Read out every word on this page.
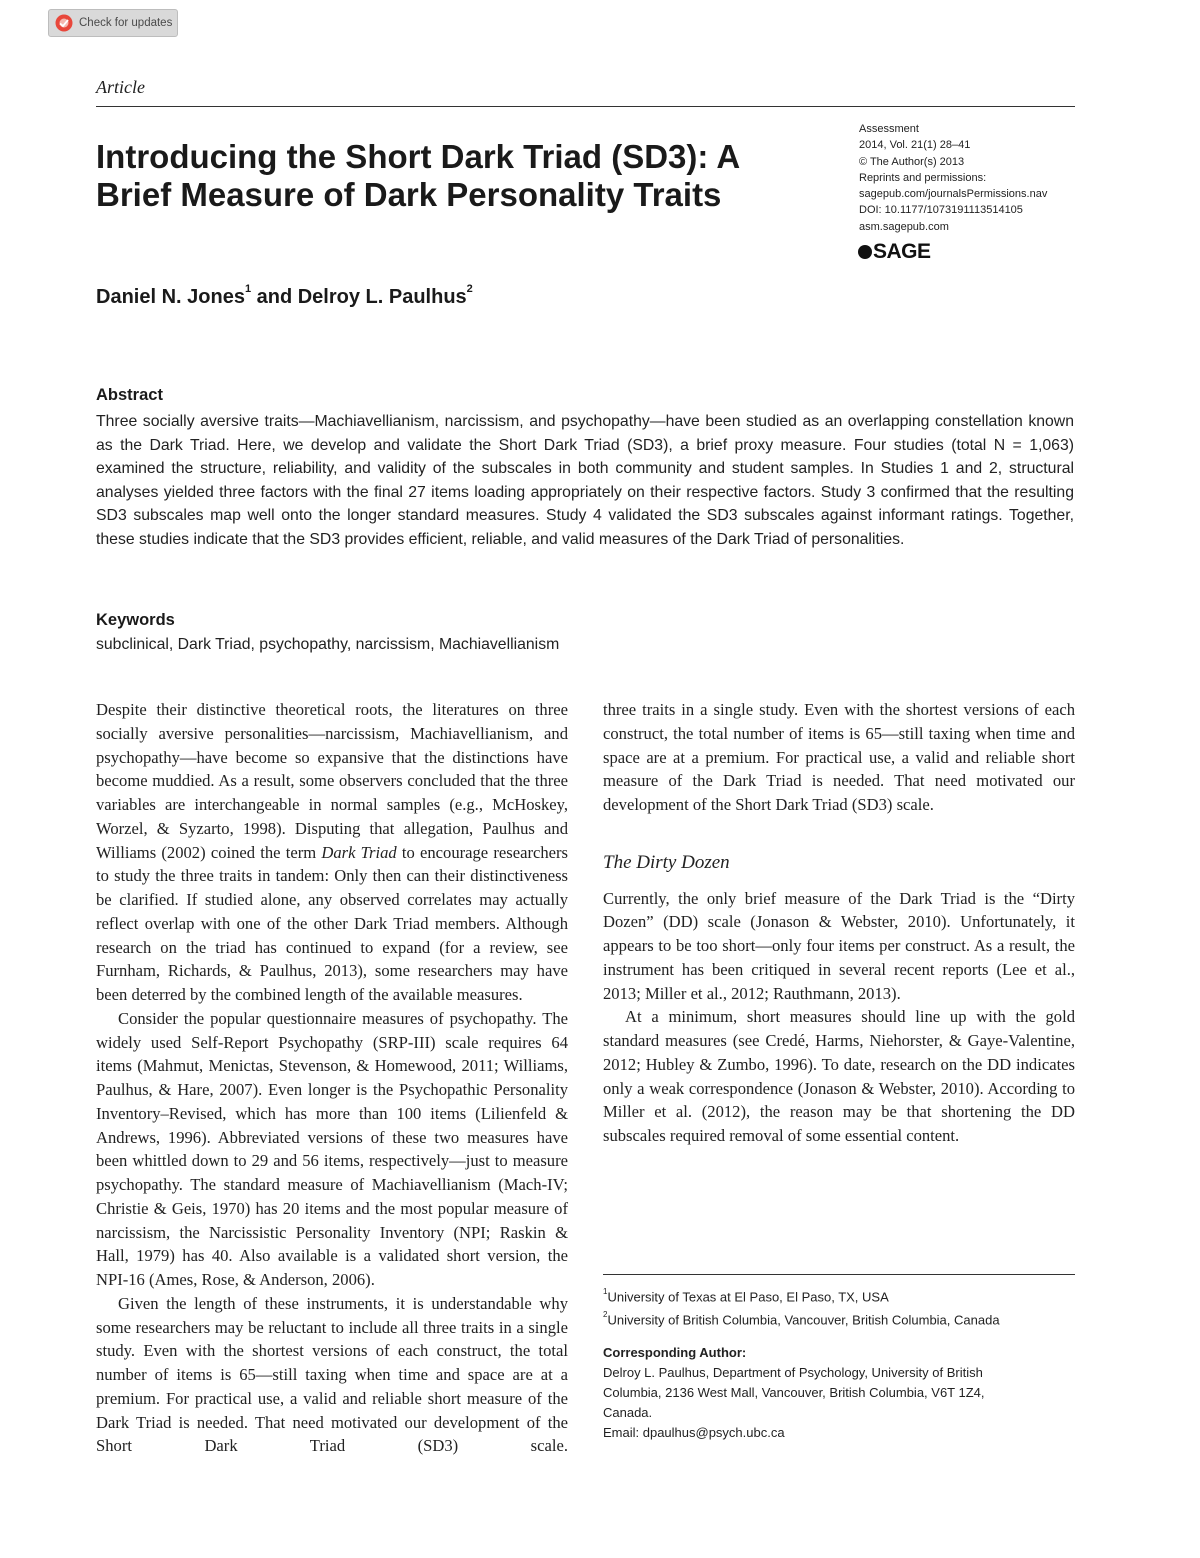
Check for updates
Article
Introducing the Short Dark Triad (SD3): A
Brief Measure of Dark Personality Traits
Assessment
2014, Vol. 21(1) 28–41
© The Author(s) 2013
Reprints and permissions:
sagepub.com/journalsPermissions.nav
DOI: 10.1177/1073191113514105
asm.sagepub.com
SAGE
Daniel N. Jones$^1$ and Delroy L. Paulhus$^2$
Abstract

Three socially aversive traits—Machiavellianism, narcissism, and psychopathy—have been studied as an overlapping constellation known as the Dark Triad. Here, we develop and validate the Short Dark Triad (SD3), a brief proxy measure. Four studies (total N = 1,063) examined the structure, reliability, and validity of the subscales in both community and student samples. In Studies 1 and 2, structural analyses yielded three factors with the final 27 items loading appropriately on their respective factors. Study 3 confirmed that the resulting SD3 subscales map well onto the longer standard measures. Study 4 validated the SD3 subscales against informant ratings. Together, these studies indicate that the SD3 provides efficient, reliable, and valid measures of the Dark Triad of personalities.

Keywords
subclinical, Dark Triad, psychopathy, narcissism, Machiavellianism

Despite their distinctive theoretical roots, the literatures on three socially aversive personalities—narcissism, Machiavellianism, and psychopathy—have become so expansive that the distinctions have become muddied. As a result, some observers concluded that the three variables are interchangeable in normal samples (e.g., McHoskey, Worzel, & Syzarto, 1998). Disputing that allegation, Paulhus and Williams (2002) coined the term Dark Triad to encourage researchers to study the three traits in tandem: Only then can their distinctiveness be clarified. If studied alone, any observed correlates may actually reflect overlap with one of the other Dark Triad members. Although research on the triad has continued to expand (for a review, see Furnham, Richards, & Paulhus, 2013), some researchers may have been deterred by the combined length of the available measures.

Consider the popular questionnaire measures of psychopathy. The widely used Self-Report Psychopathy (SRP-III) scale requires 64 items (Mahmut, Menictas, Stevenson, & Homewood, 2011; Williams, Paulhus, & Hare, 2007). Even longer is the Psychopathic Personality Inventory–Revised, which has more than 100 items (Lilienfeld & Andrews, 1996). Abbreviated versions of these two measures have been whittled down to 29 and 56 items, respectively—just to measure psychopathy. The standard measure of Machiavellianism (Mach-IV; Christie & Geis, 1970) has 20 items and the most popular measure of narcissism, the Narcissistic Personality Inventory (NPI; Raskin & Hall, 1979) has 40. Also available is a validated short version, the NPI-16 (Ames, Rose, & Anderson, 2006).

Given the length of these instruments, it is understandable why some researchers may be reluctant to include all three traits in a single study. Even with the shortest versions of each construct, the total number of items is 65—still taxing when time and space are at a premium. For practical use, a valid and reliable short measure of the Dark Triad is needed. That need motivated our development of the Short Dark Triad (SD3) scale.

three traits in a single study. Even with the shortest versions of each construct, the total number of items is 65—still taxing when time and space are at a premium. For practical use, a valid and reliable short measure of the Dark Triad is needed. That need motivated our development of the Short Dark Triad (SD3) scale.

The Dirty Dozen

Currently, the only brief measure of the Dark Triad is the “Dirty Dozen” (DD) scale (Jonason & Webster, 2010). Unfortunately, it appears to be too short—only four items per construct. As a result, the instrument has been critiqued in several recent reports (Lee et al., 2013; Miller et al., 2012; Rauthmann, 2013).

At a minimum, short measures should line up with the gold standard measures (see Credé, Harms, Niehorster, & Gaye-Valentine, 2012; Hubley & Zumbo, 1996). To date, research on the DD indicates only a weak correspondence (Jonason & Webster, 2010). According to Miller et al. (2012), the reason may be that shortening the DD subscales required removal of some essential content.

$^1$University of Texas at El Paso, El Paso, TX, USA
$^2$University of British Columbia, Vancouver, British Columbia, Canada
Corresponding Author:
Delroy L. Paulhus, Department of Psychology, University of British
Columbia, 2136 West Mall, Vancouver, British Columbia, V6T 1Z4,
Canada.
Email: dpaulhus@psych.ubc.ca
